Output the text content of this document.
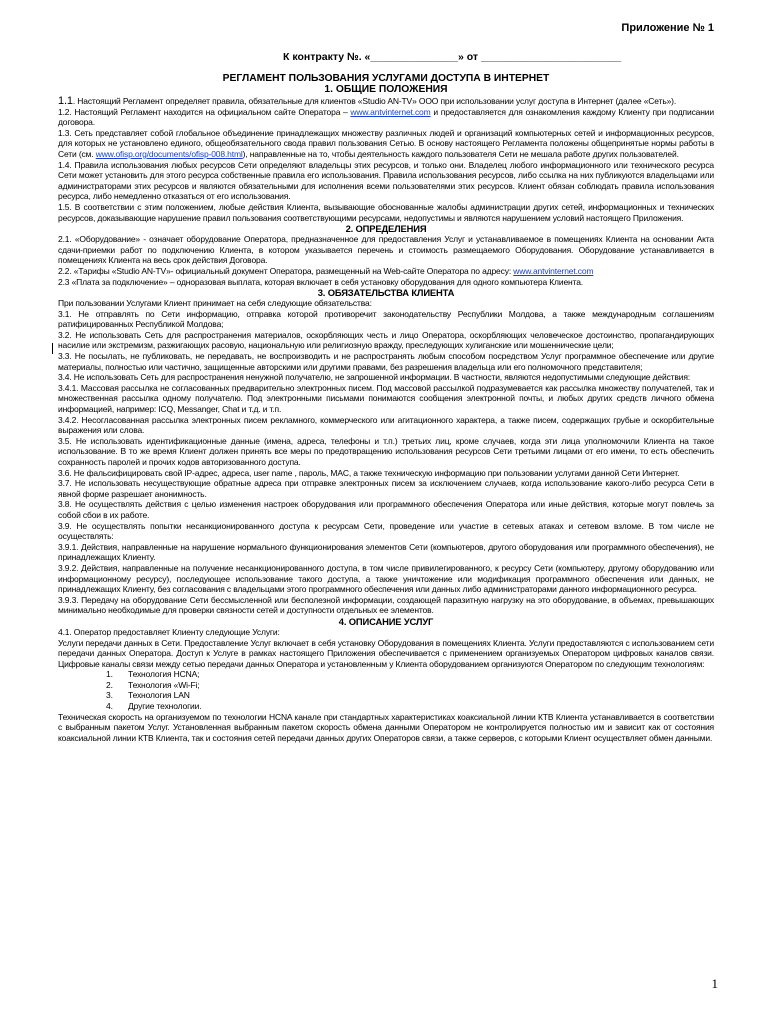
Приложение № 1
К контракту №. «_______________» от ________________________
РЕГЛАМЕНТ ПОЛЬЗОВАНИЯ УСЛУГАМИ ДОСТУПА В ИНТЕРНЕТ
1. ОБЩИЕ ПОЛОЖЕНИЯ

1.1. Настоящий Регламент определяет правила, обязательные для клиентов «Studio AN-TV» ООО при использовании услуг доступа в Интернет (далее «Сеть»).

1.2. Настоящий Регламент находится на официальном сайте Оператора – www.antvinternet.com и предоставляется для ознакомления каждому Клиенту при подписании договора.

1.3. Сеть представляет собой глобальное объединение принадлежащих множеству различных людей и организаций компьютерных сетей и информационных ресурсов, для которых не установлено единого, общеобязательного свода правил пользования Сетью. В основу настоящего Регламента положены общепринятые нормы работы в Сети (см. www.ofisp.org/documents/ofisp-008.html), направленные на то, чтобы деятельность каждого пользователя Сети не мешала работе других пользователей.

1.4. Правила использования любых ресурсов Сети определяют владельцы этих ресурсов, и только они. Владелец любого информационного или технического ресурса Сети может установить для этого ресурса собственные правила его использования. Правила использования ресурсов, либо ссылка на них публикуются владельцами или администраторами этих ресурсов и являются обязательными для исполнения всеми пользователями этих ресурсов. Клиент обязан соблюдать правила использования ресурса, либо немедленно отказаться от его использования.

1.5. В соответствии с этим положением, любые действия Клиента, вызывающие обоснованные жалобы администрации других сетей, информационных и технических ресурсов, доказывающие нарушение правил пользования соответствующими ресурсами, недопустимы и являются нарушением условий настоящего Приложения.

2. ОПРЕДЕЛЕНИЯ

2.1. «Оборудование» - означает оборудование Оператора, предназначенное для предоставления Услуг и устанавливаемое в помещениях Клиента на основании Акта сдачи-приемки работ по подключению Клиента, в котором указывается перечень и стоимость размещаемого Оборудования. Оборудование устанавливается в помещениях Клиента на весь срок действия Договора.

2.2. «Тарифы «Studio AN-TV»- официальный документ Оператора, размещенный на Web-сайте Оператора по адресу: www.antvinternet.com

2.3 «Плата за подключение» – одноразовая выплата, которая включает в себя установку оборудования для одного компьютера Клиента.

3. ОБЯЗАТЕЛЬСТВА КЛИЕНТА

При пользовании Услугами Клиент принимает на себя следующие обязательства:

3.1. Не отправлять по Сети информацию, отправка которой противоречит законодательству Республики Молдова, а также международным соглашениям ратифицированных Республикой Молдова;

3.2. Не использовать Сеть для распространения материалов, оскорбляющих честь и лицо Оператора, оскорбляющих человеческое достоинство, пропагандирующих насилие или экстремизм, разжигающих расовую, национальную или религиозную вражду, преследующих хулиганские или мошеннические цели;

3.3. Не посылать, не публиковать, не передавать, не воспроизводить и не распространять любым способом посредством Услуг программное обеспечение или другие материалы, полностью или частично, защищенные авторскими или другими правами, без разрешения владельца или его полномочного представителя;

3.4. Не использовать Сеть для распространения ненужной получателю, не запрошенной информации. В частности, являются недопустимыми следующие действия:

3.4.1. Массовая рассылка не согласованных предварительно электронных писем. Под массовой рассылкой подразумевается как рассылка множеству получателей, так и множественная рассылка одному получателю. Под электронными письмами понимаются сообщения электронной почты, и любых других средств личного обмена информацией, например: ICQ, Messanger, Chat и т.д. и т.п.

3.4.2. Несогласованная рассылка электронных писем рекламного, коммерческого или агитационного характера, а также писем, содержащих грубые и оскорбительные выражения или слова.

3.5. Не использовать идентификационные данные (имена, адреса, телефоны и т.п.) третьих лиц, кроме случаев, когда эти лица уполномочили Клиента на такое использование. В то же время Клиент должен принять все меры по предотвращению использования ресурсов Сети третьими лицами от его имени, то есть обеспечить сохранность паролей и прочих кодов авторизованного доступа.

3.6. Не фальсифицировать свой IP-адрес, адреса, user name , пароль, MAC, а также техническую информацию при пользовании услугами данной Сети Интернет.

3.7. Не использовать несуществующие обратные адреса при отправке электронных писем за исключением случаев, когда использование какого-либо ресурса Сети в явной форме разрешает анонимность.

3.8. Не осуществлять действия с целью изменения настроек оборудования или программного обеспечения Оператора или иные действия, которые могут повлечь за собой сбои в их работе.

3.9. Не осуществлять попытки несанкционированного доступа к ресурсам Сети, проведение или участие в сетевых атаках и сетевом взломе. В том числе не осуществлять:

3.9.1. Действия, направленные на нарушение нормального функционирования элементов Сети (компьютеров, другого оборудования или программного обеспечения), не принадлежащих Клиенту.

3.9.2. Действия, направленные на получение несанкционированного доступа, в том числе привилегированного, к ресурсу Сети (компьютеру, другому оборудованию или информационному ресурсу), последующее использование такого доступа, а также уничтожение или модификация программного обеспечения или данных, не принадлежащих Клиенту, без согласования с владельцами этого программного обеспечения или данных либо администраторами данного информационного ресурса.

3.9.3. Передачу на оборудование Сети бессмысленной или бесполезной информации, создающей паразитную нагрузку на это оборудование, в объемах, превышающих минимально необходимые для проверки связности сетей и доступности отдельных ее элементов.

4. ОПИСАНИЕ УСЛУГ

4.1. Оператор предоставляет Клиенту следующие Услуги:

Услуги передачи данных в Сети. Предоставление Услуг включает в себя установку Оборудования в помещениях Клиента. Услуги предоставляются с использованием сети передачи данных Оператора. Доступ к Услуге в рамках настоящего Приложения обеспечивается с применением организуемых Оператором цифровых каналов связи. Цифровые каналы связи между сетью передачи данных Оператора и установленным у Клиента оборудованием организуются Оператором по следующим технологиям:

1.	Технология HCNA;
2.	Технология «Wi-Fi;
3.	Технология LAN
4.	Другие технологии.

Техническая скорость на организуемом по технологии HCNA канале при стандартных характеристиках коаксиальной линии КТВ Клиента устанавливается в соответствии с выбранным пакетом Услуг. Установленная выбранным пакетом скорость обмена данными Оператором не контролируется полностью им и зависит как от состояния коаксиальной линии КТВ Клиента, так и состояния сетей передачи данных других Операторов связи, а также серверов, с которыми Клиент осуществляет обмен данными.

1
